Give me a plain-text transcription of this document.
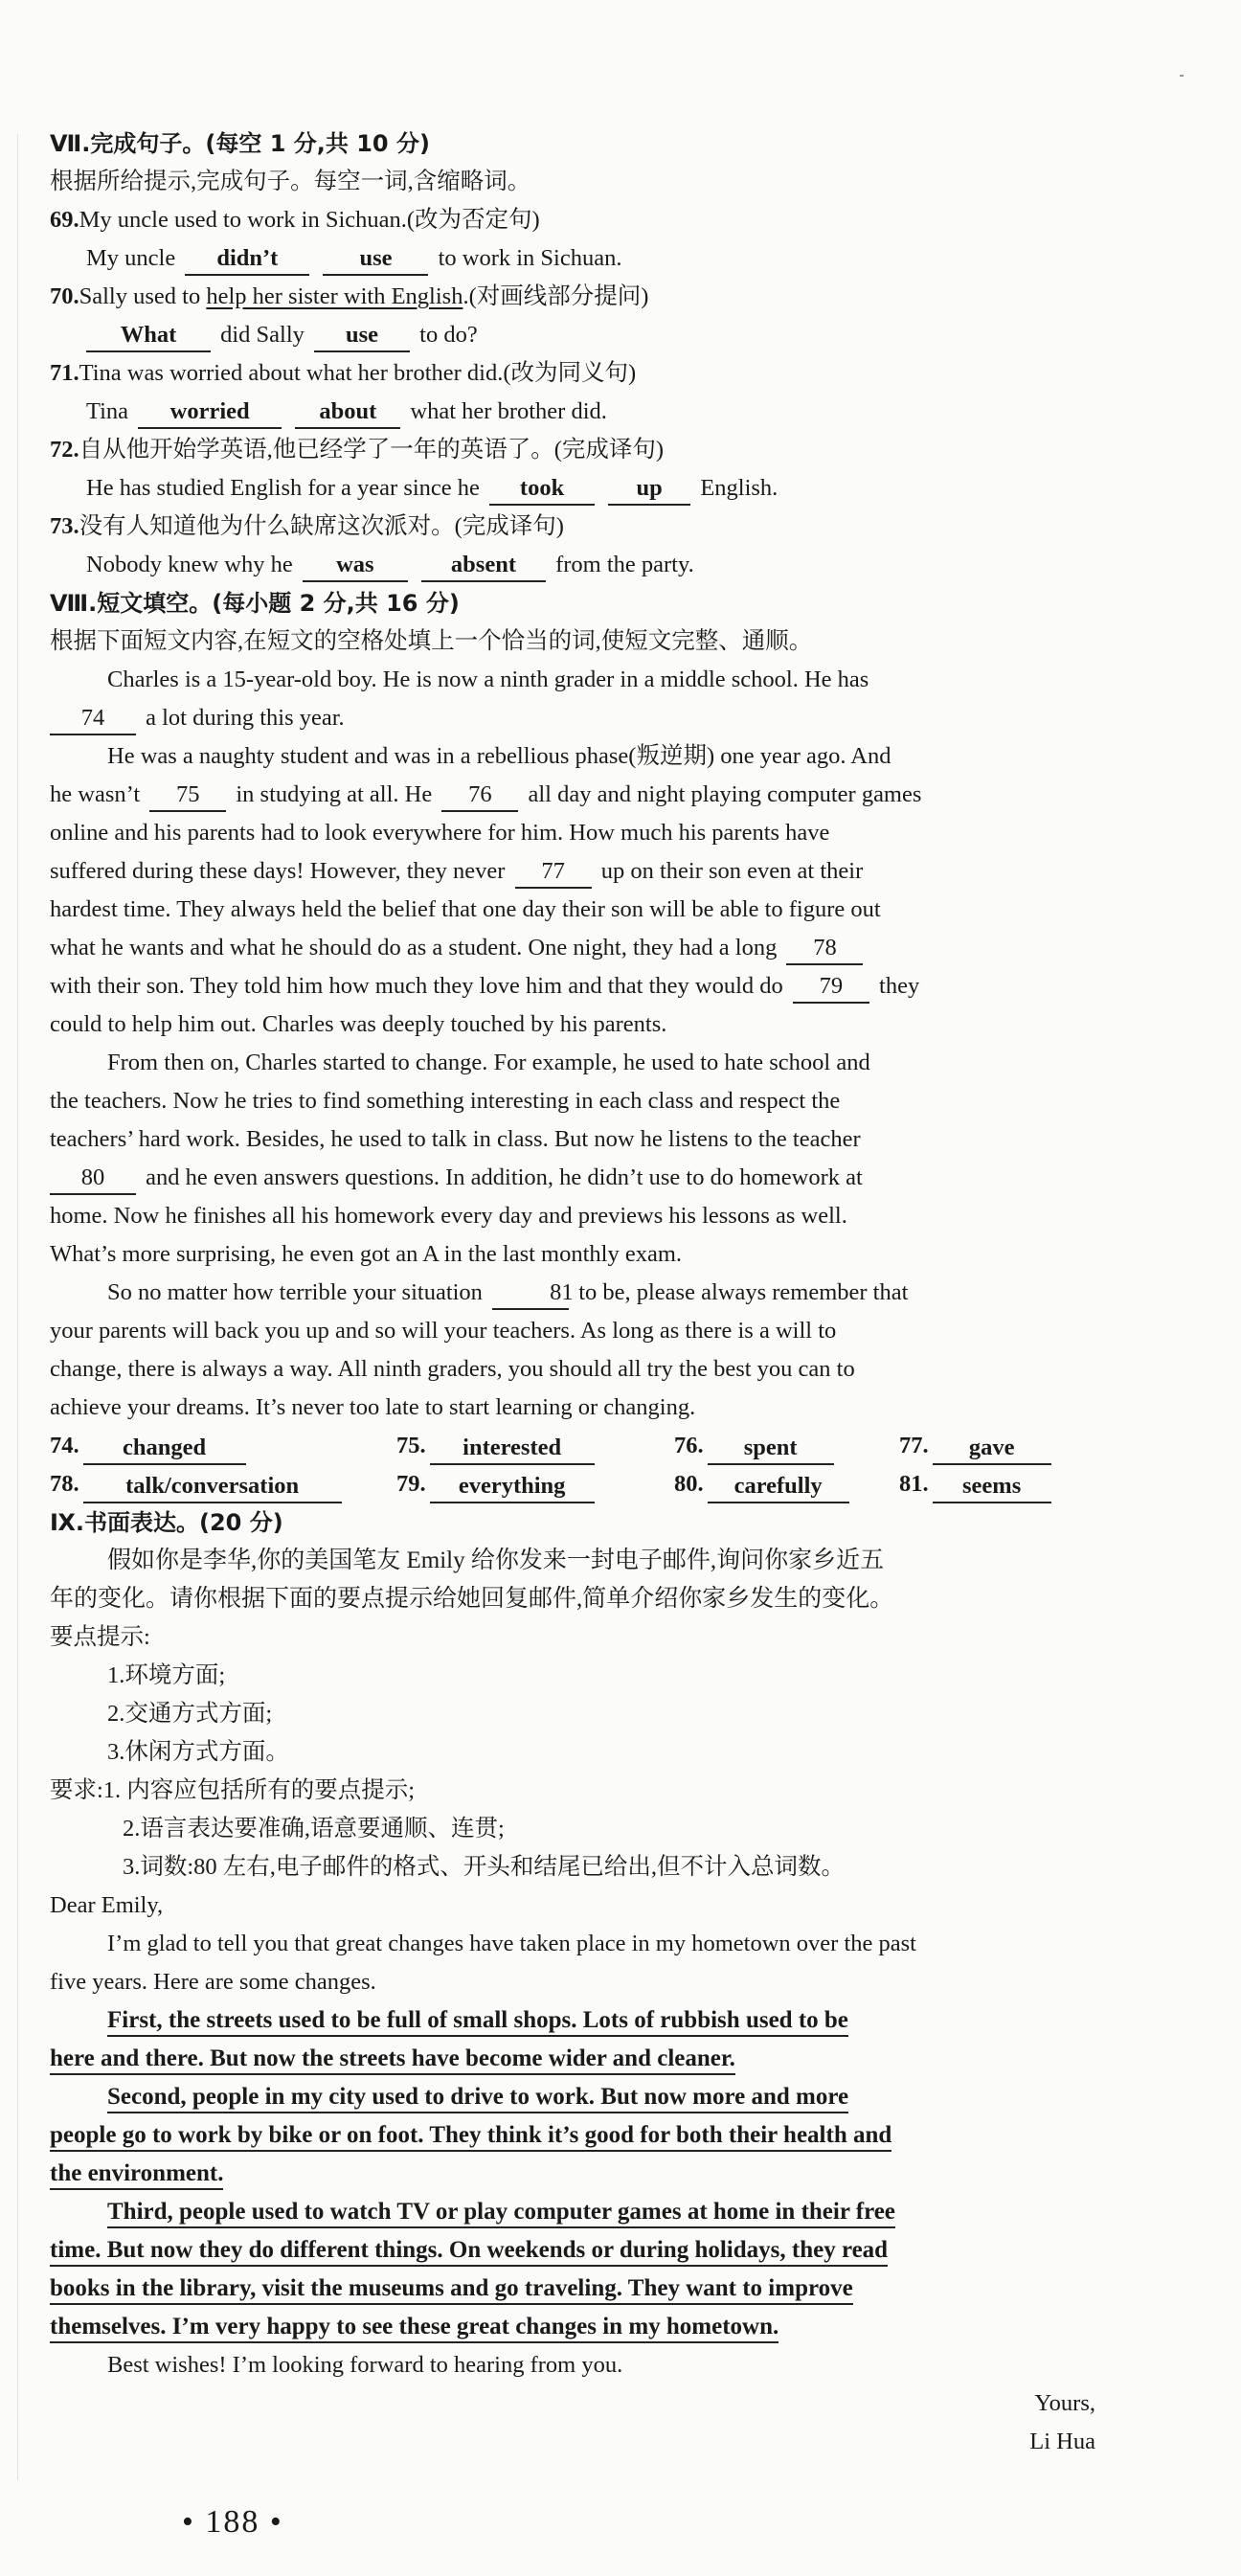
Ⅶ.完成句子。(每空 1 分,共 10 分)
根据所给提示,完成句子。每空一词,含缩略词。
69.My uncle used to work in Sichuan.(改为否定句)
My uncle didn’t	use to work in Sichuan.
70.Sally used to help her sister with English.(对画线部分提问)
What did Sally use to do?
71.Tina was worried about what her brother did.(改为同义句)
Tina worried	about what her brother did.
72.自从他开始学英语,他已经学了一年的英语了。(完成译句)
He has studied English for a year since he took	up English.
73.没有人知道他为什么缺席这次派对。(完成译句)
Nobody knew why he was	absent from the party.
Ⅷ.短文填空。(每小题 2 分,共 16 分)
根据下面短文内容,在短文的空格处填上一个恰当的词,使短文完整、通顺。
Charles is a 15-year-old boy. He is now a ninth grader in a middle school. He has
74 a lot during this year.
He was a naughty student and was in a rebellious phase(叛逆期) one year ago. And
he wasn’t 75 in studying at all. He 76 all day and night playing computer games
online and his parents had to look everywhere for him. How much his parents have
suffered during these days! However, they never 77 up on their son even at their
hardest time. They always held the belief that one day their son will be able to figure out
what he wants and what he should do as a student. One night, they had a long 78
with their son. They told him how much they love him and that they would do 79 they
could to help him out. Charles was deeply touched by his parents.
From then on, Charles started to change. For example, he used to hate school and
the teachers. Now he tries to find something interesting in each class and respect the
teachers’ hard work. Besides, he used to talk in class. But now he listens to the teacher
80 and he even answers questions. In addition, he didn’t use to do homework at
home. Now he finishes all his homework every day and previews his lessons as well.
What’s more surprising, he even got an A in the last monthly exam.
So no matter how terrible your situation	81 to be, please always remember that
your parents will back you up and so will your teachers. As long as there is a will to
change, there is always a way. All ninth graders, you should all try the best you can to
achieve your dreams. It’s never too late to start learning or changing.
74.	changed	75.	interested	76.	spent	77.	gave
78.	talk/conversation	79.	everything	80.	carefully	81.	seems
Ⅸ.书面表达。(20 分)
假如你是李华,你的美国笔友 Emily 给你发来一封电子邮件,询问你家乡近五
年的变化。请你根据下面的要点提示给她回复邮件,简单介绍你家乡发生的变化。
要点提示:
1.环境方面;
2.交通方式方面;
3.休闲方式方面。
要求:1. 内容应包括所有的要点提示;
2.语言表达要准确,语意要通顺、连贯;
3.词数:80 左右,电子邮件的格式、开头和结尾已给出,但不计入总词数。
Dear Emily,
I’m glad to tell you that great changes have taken place in my hometown over the past
five years. Here are some changes.
First, the streets used to be full of small shops. Lots of rubbish used to be
here and there. But now the streets have become wider and cleaner.
Second, people in my city used to drive to work. But now more and more
people go to work by bike or on foot. They think it’s good for both their health and
the environment.
Third, people used to watch TV or play computer games at home in their free
time. But now they do different things. On weekends or during holidays, they read
books in the library, visit the museums and go traveling. They want to improve
themselves. I’m very happy to see these great changes in my hometown.
Best wishes! I’m looking forward to hearing from you.
Yours,
Li Hua
• 188 •
